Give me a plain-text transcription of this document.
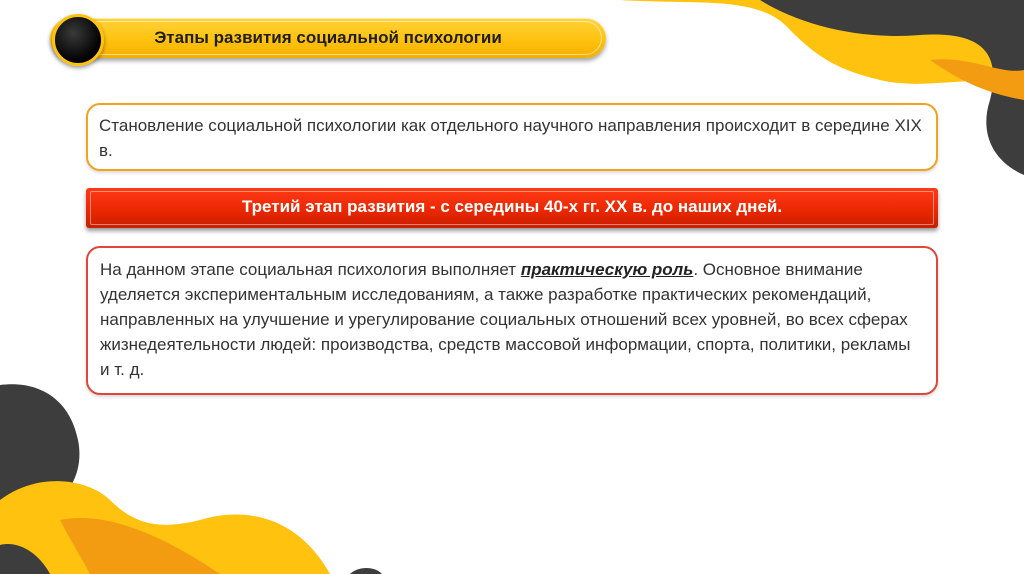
Этапы развития социальной психологии
Становление социальной психологии как отдельного научного направления происходит в середине XIX в.
Третий этап развития - с середины 40-х гг. XX в. до наших дней.
На данном этапе социальная психология выполняет практическую роль. Основное внимание уделяется экспериментальным исследованиям, а также разработке практических рекомендаций, направленных на улучшение и урегулирование социальных отношений всех уровней, во всех сферах жизнедеятельности людей: производства, средств массовой информации, спорта, политики, рекламы и т. д.
